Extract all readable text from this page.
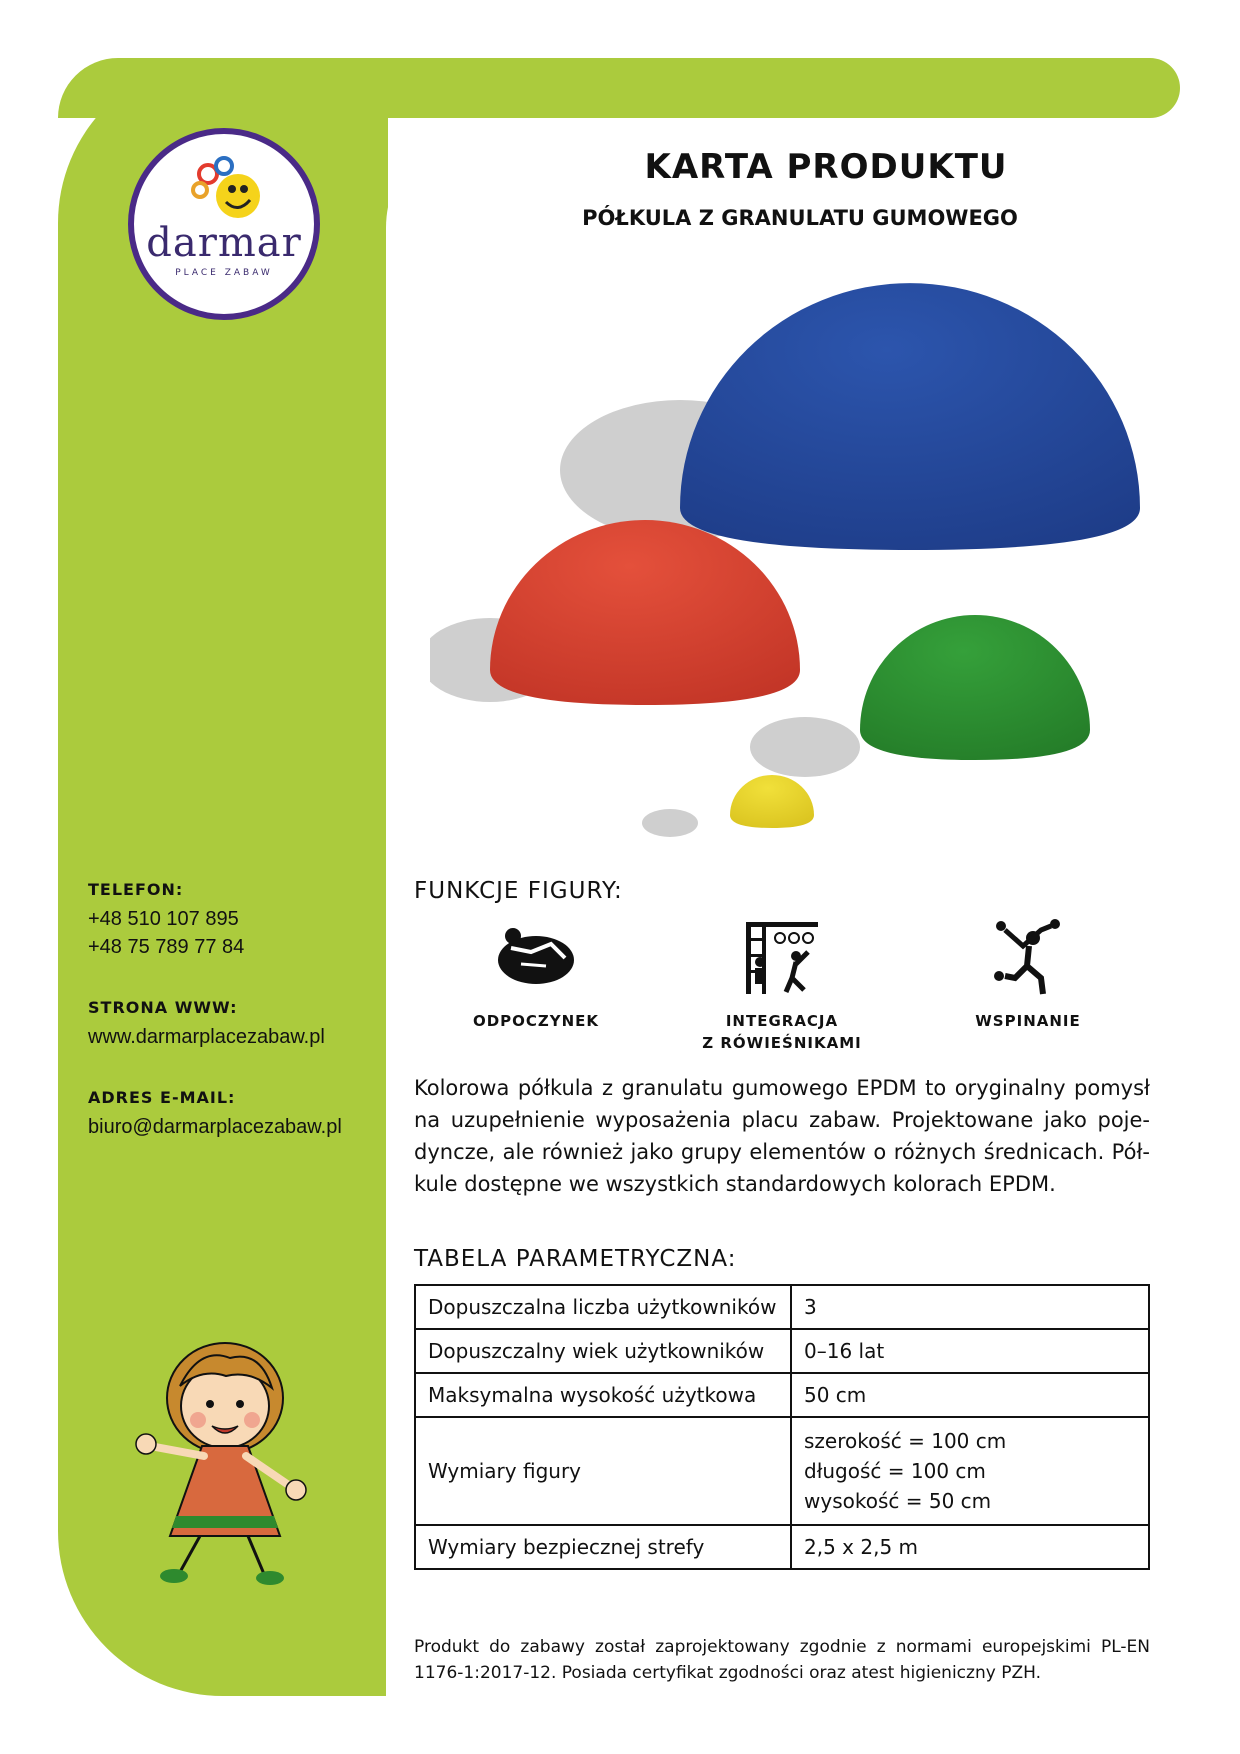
darmar
PLACE ZABAW
KARTA PRODUKTU
PÓŁKULA Z GRANULATU GUMOWEGO
TELEFON:
+48 510 107 895
+48 75 789 77 84
STRONA WWW:
www.darmarplacezabaw.pl
ADRES E-MAIL:
biuro@darmarplacezabaw.pl
FUNKCJE FIGURY:
ODPOCZYNEK	INTEGRACJA
Z RÓWIEŚNIKAMI
WSPINANIE
Kolorowa półkula z granulatu gumowego EPDM to oryginalny pomysł na uzupełnienie wyposażenia placu zabaw. Projektowane jako poje-dyncze, ale również jako grupy elementów o różnych średnicach. Pół-kule dostępne we wszystkich standardowych kolorach EPDM.
TABELA PARAMETRYCZNA:
Dopuszczalna liczba użytkowników	3
Dopuszczalny wiek użytkowników	0–16 lat
Maksymalna wysokość użytkowa	50 cm
Wymiary figury	szerokość = 100 cm
długość = 100 cm
wysokość = 50 cm

Wymiary bezpiecznej strefy	2,5 x 2,5 m
Produkt do zabawy został zaprojektowany zgodnie z normami europejskimi PL-EN 1176-1:2017-12. Posiada certyfikat zgodności oraz atest higieniczny PZH.
